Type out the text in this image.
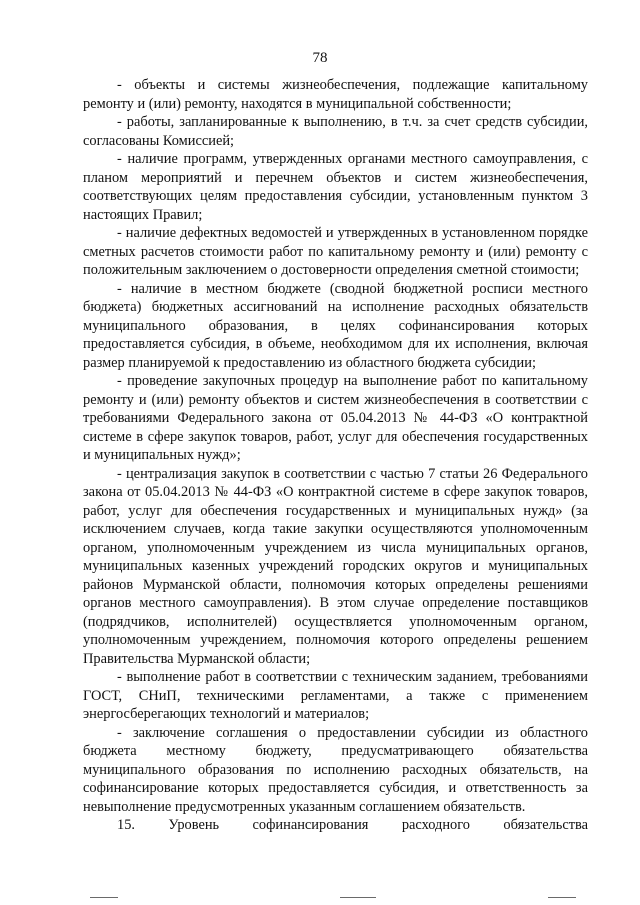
78

- объекты и системы жизнеобеспечения, подлежащие капитальному ремонту и (или) ремонту, находятся в муниципальной собственности;

- работы, запланированные к выполнению, в т.ч. за счет средств субсидии, согласованы Комиссией;

- наличие программ, утвержденных органами местного самоуправления, с планом мероприятий и перечнем объектов и систем жизнеобеспечения, соответствующих целям предоставления субсидии, установленным пунктом 3 настоящих Правил;

- наличие дефектных ведомостей и утвержденных в установленном порядке сметных расчетов стоимости работ по капитальному ремонту и (или) ремонту с положительным заключением о достоверности определения сметной стоимости;

- наличие в местном бюджете (сводной бюджетной росписи местного бюджета) бюджетных ассигнований на исполнение расходных обязательств муниципального образования, в целях софинансирования которых предоставляется субсидия, в объеме, необходимом для их исполнения, включая размер планируемой к предоставлению из областного бюджета субсидии;

- проведение закупочных процедур на выполнение работ по капитальному ремонту и (или) ремонту объектов и систем жизнеобеспечения в соответствии с требованиями Федерального закона от 05.04.2013 № 44-ФЗ «О контрактной системе в сфере закупок товаров, работ, услуг для обеспечения государственных и муниципальных нужд»;

- централизация закупок в соответствии с частью 7 статьи 26 Федерального закона от 05.04.2013 № 44-ФЗ «О контрактной системе в сфере закупок товаров, работ, услуг для обеспечения государственных и муниципальных нужд» (за исключением случаев, когда такие закупки осуществляются уполномоченным органом, уполномоченным учреждением из числа муниципальных органов, муниципальных казенных учреждений городских округов и муниципальных районов Мурманской области, полномочия которых определены решениями органов местного самоуправления). В этом случае определение поставщиков (подрядчиков, исполнителей) осуществляется уполномоченным органом, уполномоченным учреждением, полномочия которого определены решением Правительства Мурманской области;

- выполнение работ в соответствии с техническим заданием, требованиями ГОСТ, СНиП, техническими регламентами, а также с применением энергосберегающих технологий и материалов;

- заключение соглашения о предоставлении субсидии из областного бюджета местному бюджету, предусматривающего обязательства муниципального образования по исполнению расходных обязательств, на софинансирование которых предоставляется субсидия, и ответственность за невыполнение предусмотренных указанным соглашением обязательств.

15. Уровень софинансирования расходного обязательства
